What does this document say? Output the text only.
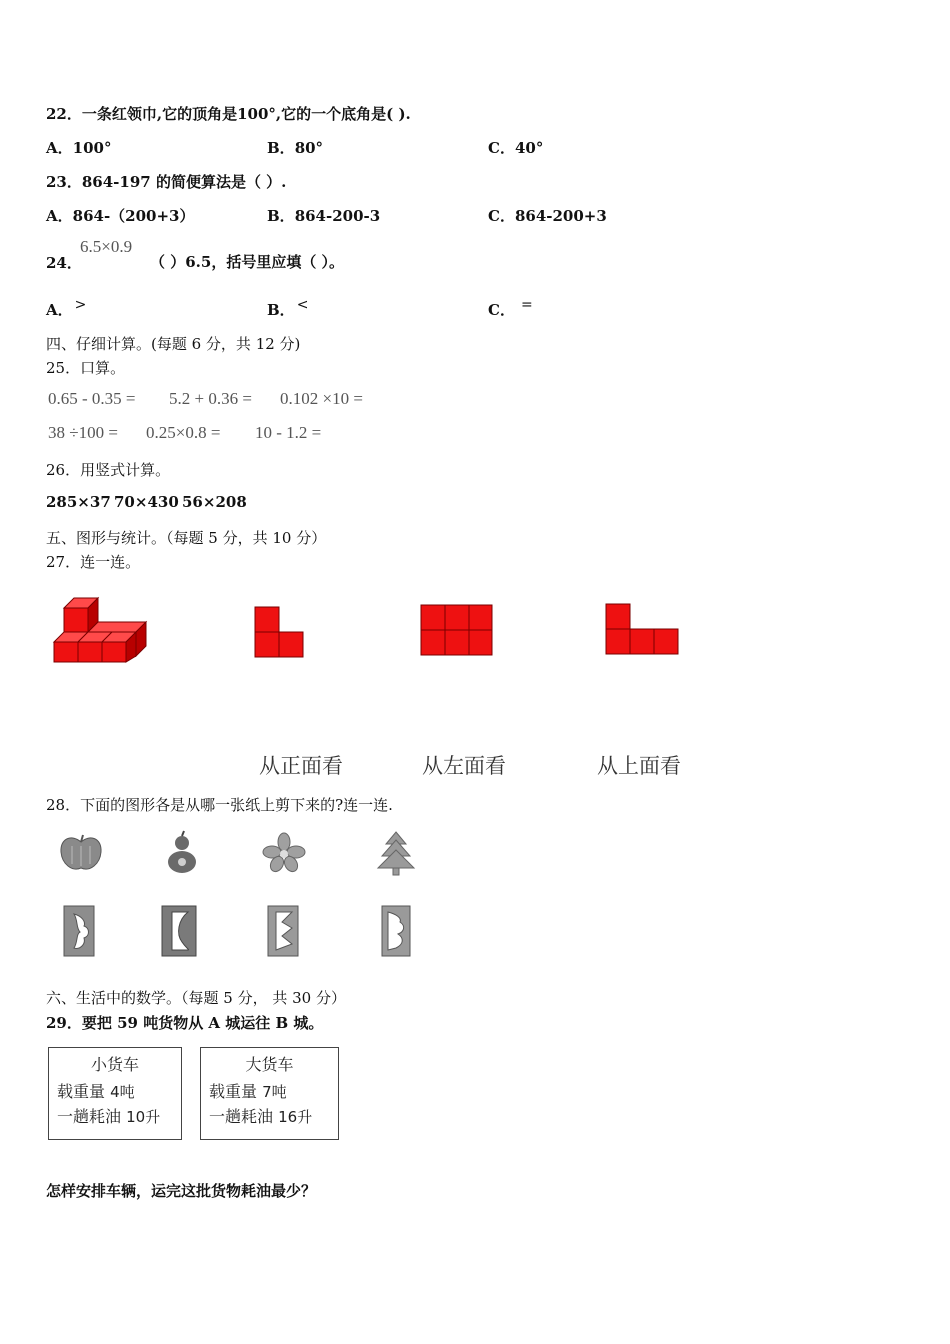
22．一条红领巾,它的顶角是100°,它的一个底角是( ).
A．100°	B．80°	C．40°
23．864-197 的简便算法是（ ）.
A．864-（200+3）	B．864-200-3	C．864-200+3
24．
6.5×0.9
（ ）6.5，括号里应填（ ）。
A． >	B． <	C． =
四、仔细计算。(每题 6 分，共 12 分)
25．口算。
0.65 - 0.35 = 5.2 + 0.36 = 0.102 ×10 =
38 ÷100 = 0.25×0.8 = 10 - 1.2 =
26．用竖式计算。
285×37 70×430 56×208
五、图形与统计。（每题 5 分，共 10 分）
27．连一连。
从正面看	从左面看	从上面看
28．下面的图形各是从哪一张纸上剪下来的?连一连.
六、生活中的数学。（每题 5 分， 共 30 分）
29．要把 59 吨货物从 A 城运往 B 城。
小货车
载重量 4吨
一趟耗油 10升
大货车
载重量 7吨
一趟耗油 16升
怎样安排车辆，运完这批货物耗油最少？
